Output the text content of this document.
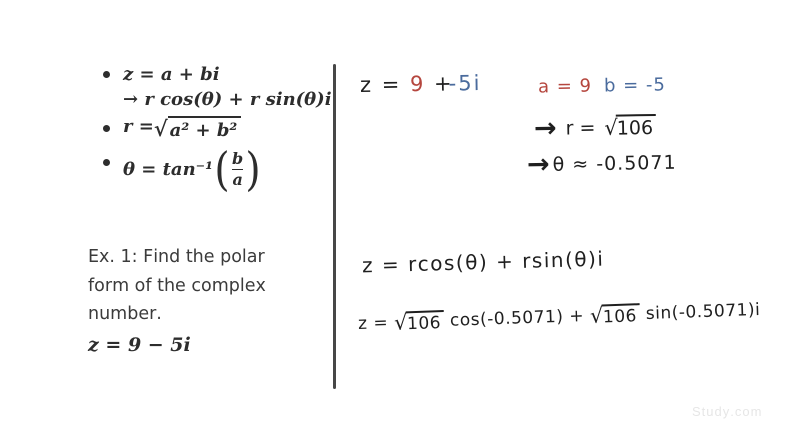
z = a + bi
→ r cos(θ) + r sin(θ)i
r = √ a² + b²
θ = tan⁻¹ ( $\frac{b}{a}$ )
Ex. 1: Find the polar
form of the complex
number.
z = 9 − 5i
z = 9 +-5i	a = 9 b = -5
→ r = √106
→ θ ≈ -0.5071
z = rcos(θ) + rsin(θ)i
z = √106 cos(-0.5071) + √106 sin(-0.5071)i
Study.com
